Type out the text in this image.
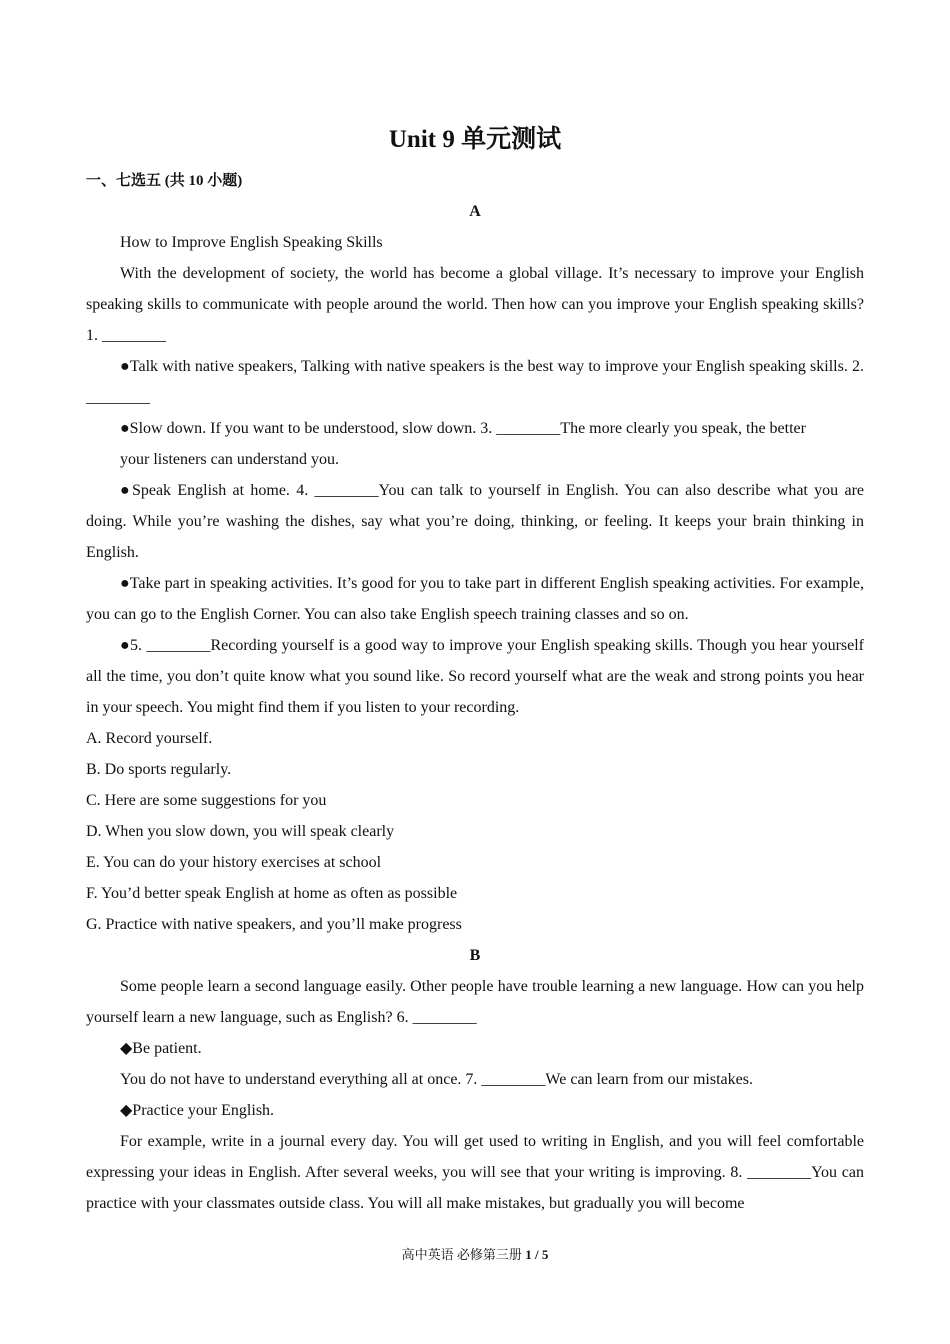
Unit 9 单元测试
一、七选五 (共 10 小题)

A

How to Improve English Speaking Skills

With the development of society, the world has become a global village. It’s necessary to improve your English speaking skills to communicate with people around the world. Then how can you improve your English speaking skills? 1. ________

●Talk with native speakers, Talking with native speakers is the best way to improve your English speaking skills. 2. ________

●Slow down. If you want to be understood, slow down. 3. ________The more clearly you speak, the better

your listeners can understand you.

●Speak English at home. 4. ________You can talk to yourself in English. You can also describe what you are doing. While you’re washing the dishes, say what you’re doing, thinking, or feeling. It keeps your brain thinking in English.

●Take part in speaking activities. It’s good for you to take part in different English speaking activities. For example, you can go to the English Corner. You can also take English speech training classes and so on.

●5. ________Recording yourself is a good way to improve your English speaking skills. Though you hear yourself all the time, you don’t quite know what you sound like. So record yourself what are the weak and strong points you hear in your speech. You might find them if you listen to your recording.

A. Record yourself.

B. Do sports regularly.

C. Here are some suggestions for you

D. When you slow down, you will speak clearly

E. You can do your history exercises at school

F. You’d better speak English at home as often as possible

G. Practice with native speakers, and you’ll make progress

B

Some people learn a second language easily. Other people have trouble learning a new language. How can you help yourself learn a new language, such as English? 6. ________

◆Be patient.

You do not have to understand everything all at once. 7. ________We can learn from our mistakes.

◆Practice your English.

For example, write in a journal every day. You will get used to writing in English, and you will feel comfortable expressing your ideas in English. After several weeks, you will see that your writing is improving. 8. ________You can practice with your classmates outside class. You will all make mistakes, but gradually you will become

高中英语 必修第三册 1 / 5
